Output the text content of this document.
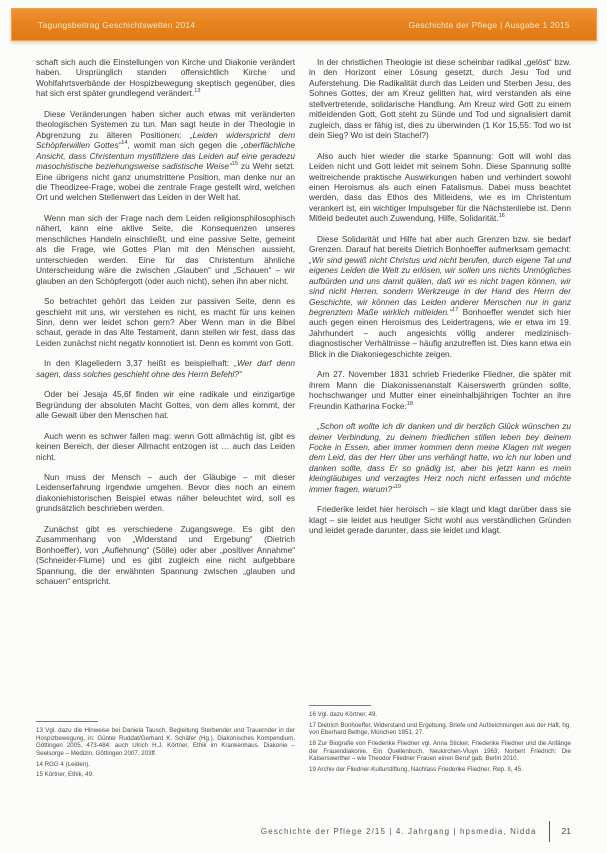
Tagungsbeitrag Geschichtswelten 2014	Geschichte der Pflege | Ausgabe 1 2015

schaft sich auch die Einstellungen von Kirche und Diakonie verändert haben. Ursprünglich standen offensichtlich Kirche und Wohlfahrtsverbände der Hospizbewegung skeptisch gegenüber, dies hat sich erst später grundlegend verändert.$^{13}$

Diese Veränderungen haben sicher auch etwas mit veränderten theologischen Systemen zu tun. Man sagt heute in der Theologie in Abgrenzung zu älteren Positionen: „Leiden widerspricht dem Schöpferwillen Gottes“$^{14}$, womit man sich gegen die „oberflächliche Ansicht, dass Christentum mystifiziere das Leiden auf eine geradezu masochistische beziehungsweise sadistische Weise“$^{15}$ zu Wehr setzt. Eine übrigens nicht ganz unumstrittene Position, man denke nur an die Theodizee-Frage, wobei die zentrale Frage gestellt wird, welchen Ort und welchen Stellenwert das Leiden in der Welt hat.

Wenn man sich der Frage nach dem Leiden religionsphilosophisch nähert, kann eine aktive Seite, die Konsequenzen unseres menschliches Handeln einschließt, und eine passive Seite, gemeint als die Frage, wie Gottes Plan mit den Menschen aussieht, unterschieden werden. Eine für das Christentum ähnliche Unterscheidung wäre die zwischen „Glauben“ und „Schauen“ – wir glauben an den Schöpfergott (oder auch nicht), sehen ihn aber nicht.

So betrachtet gehört das Leiden zur passiven Seite, denn es geschieht mit uns, wir verstehen es nicht, es macht für uns keinen Sinn, denn wer leidet schon gern? Aber Wenn man in die Bibel schaut, gerade in das Alte Testament, dann stellen wir fest, dass das Leiden zunächst nicht negativ konnotiert ist. Denn es kommt von Gott.

In den Klageliedern 3,37 heißt es beispielhaft: „Wer darf denn sagen, dass solches geschieht ohne des Herrn Befehl?“

Oder bei Jesaja 45,6f finden wir eine radikale und einzigartige Begründung der absoluten Macht Gottes, von dem alles kommt, der alle Gewalt über den Menschen hat.

Auch wenn es schwer fallen mag: wenn Gott allmächtig ist, gibt es keinen Bereich, der dieser Allmacht entzogen ist … auch das Leiden nicht.

Nun muss der Mensch – auch der Gläubige – mit dieser Leidenserfahrung irgendwie umgehen. Bevor dies noch an einem diakoniehistorischen Beispiel etwas näher beleuchtet wird, soll es grundsätzlich beschrieben werden.

Zunächst gibt es verschiedene Zugangswege. Es gibt den Zusammenhang von „Widerstand und Ergebung“ (Dietrich Bonhoeffer), von „Auflehnung“ (Sölle) oder aber „positiver Annahme“ (Schneider-Flume) und es gibt zugleich eine nicht aufgebbare Spannung, die der erwähnten Spannung zwischen „glauben und schauen“ entspricht.

In der christlichen Theologie ist diese scheinbar radikal „gelöst“ bzw. in den Horizont einer Lösung gesetzt, durch Jesu Tod und Auferstehung. Die Radikalität durch das Leiden und Sterben Jesu, des Sohnes Gottes, der am Kreuz gelitten hat, wird verstanden als eine stellvertretende, solidarische Handlung. Am Kreuz wird Gott zu einem mitleidenden Gott, Gott steht zu Sünde und Tod und signalisiert damit zugleich, dass er fähig ist, dies zu überwinden (1 Kor 15,55: Tod wo ist dein Sieg? Wo ist dein Stachel?)

Also auch hier wieder die starke Spannung: Gott will wohl das Leiden nicht und Gott leidet mit seinem Sohn. Diese Spannung sollte weitreichende praktische Auswirkungen haben und verhindert sowohl einen Heroismus als auch einen Fatalismus. Dabei muss beachtet werden, dass das Ethos des Mitleidens, wie es im Christentum verankert ist, ein wichtiger Impulsgeber für die Nächstenliebe ist. Denn Mitleid bedeutet auch Zuwendung, Hilfe, Solidarität.$^{16}$

Diese Solidarität und Hilfe hat aber auch Grenzen bzw. sie bedarf Grenzen. Darauf hat bereits Dietrich Bonhoeffer aufmerksam gemacht: „Wir sind gewiß nicht Christus und nicht berufen, durch eigene Tat und eigenes Leiden die Welt zu erlösen, wir sollen uns nichts Unmögliches aufbürden und uns damit quälen, daß wir es nicht tragen können, wir sind nicht Herren, sondern Werkzeuge in der Hand des Herrn der Geschichte, wir können das Leiden anderer Menschen nur in ganz begrenztem Maße wirklich mitleiden.“$^{17}$ Bonhoeffer wendet sich hier auch gegen einen Heroismus des Leidertragens, wie er etwa im 19. Jahrhundert – auch angesichts völlig anderer medizinisch-diagnostischer Verhältnisse – häufig anzutreffen ist. Dies kann etwa ein Blick in die Diakoniegeschichte zeigen.

Am 27. November 1831 schrieb Friederike Fliedner, die später mit ihrem Mann die Diakonissenanstalt Kaiserswerth gründen sollte, hochschwanger und Mutter einer eineinhalbjährigen Tochter an ihre Freundin Katharina Focke:$^{18}$

„Schon oft wollte ich dir danken und dir herzlich Glück wünschen zu deiner Verbindung, zu deinem friedlichen stillen leben bey deinem Focke in Essen, aber immer kommen denn meine Klagen mit wegen dem Leid, das der Herr über uns verhängt hatte, wo ich nur loben und danken sollte, dass Er so gnädig ist, aber bis jetzt kann es mein kleingläubiges und verzagtes Herz noch nicht erfassen und möchte immer fragen, warum?“$^{19}$

Friederike leidet hier heroisch – sie klagt und klagt darüber dass sie klagt – sie leidet aus heutiger Sicht wohl aus verständlichen Gründen und leidet gerade darunter, dass sie leidet und klagt.

13 Vgl. dazu die Hinweise bei Daniela Tausch, Begleitung Sterbender und Trauernder in der Hospizbewegung, in: Günter Ruddat/Gerhard K. Schäfer (Hg.), Diakonisches Kompendium, Göttingen 2005, 473-484; auch Ulrich H.J. Körtner, Ethik im Krankenhaus. Diakonie – Seelsorge – Medizin, Göttingen 2007, 203ff.

14 RGG 4 (Leiden).

15 Körtner, Ethik, 49.

16 Vgl. dazu Körtner, 49.

17 Dietrich Bonhoeffer, Widerstand und Ergebung. Briefe und Aufzeichnungen aus der Haft, hg. von Eberhard Bethge, München 1951, 27.

18 Zur Biografie von Friederike Fliedner vgl. Anna Sticker, Friederike Fliedner und die Anfänge der Frauendiakonie. Ein Quellenbuch, Neukirchen-Vluyn 1963; Norbert Friedrich: Die Kaiserswerther – wie Theodor Fliedner Frauen einen Beruf gab, Berlin 2010.

19 Archiv der Fliedner-Kulturstiftung, Nachlass Friederike Fliedner, Rep. II, 45.

Geschichte der Pflege 2/15 | 4. Jahrgang | hpsmedia, Nidda	21
